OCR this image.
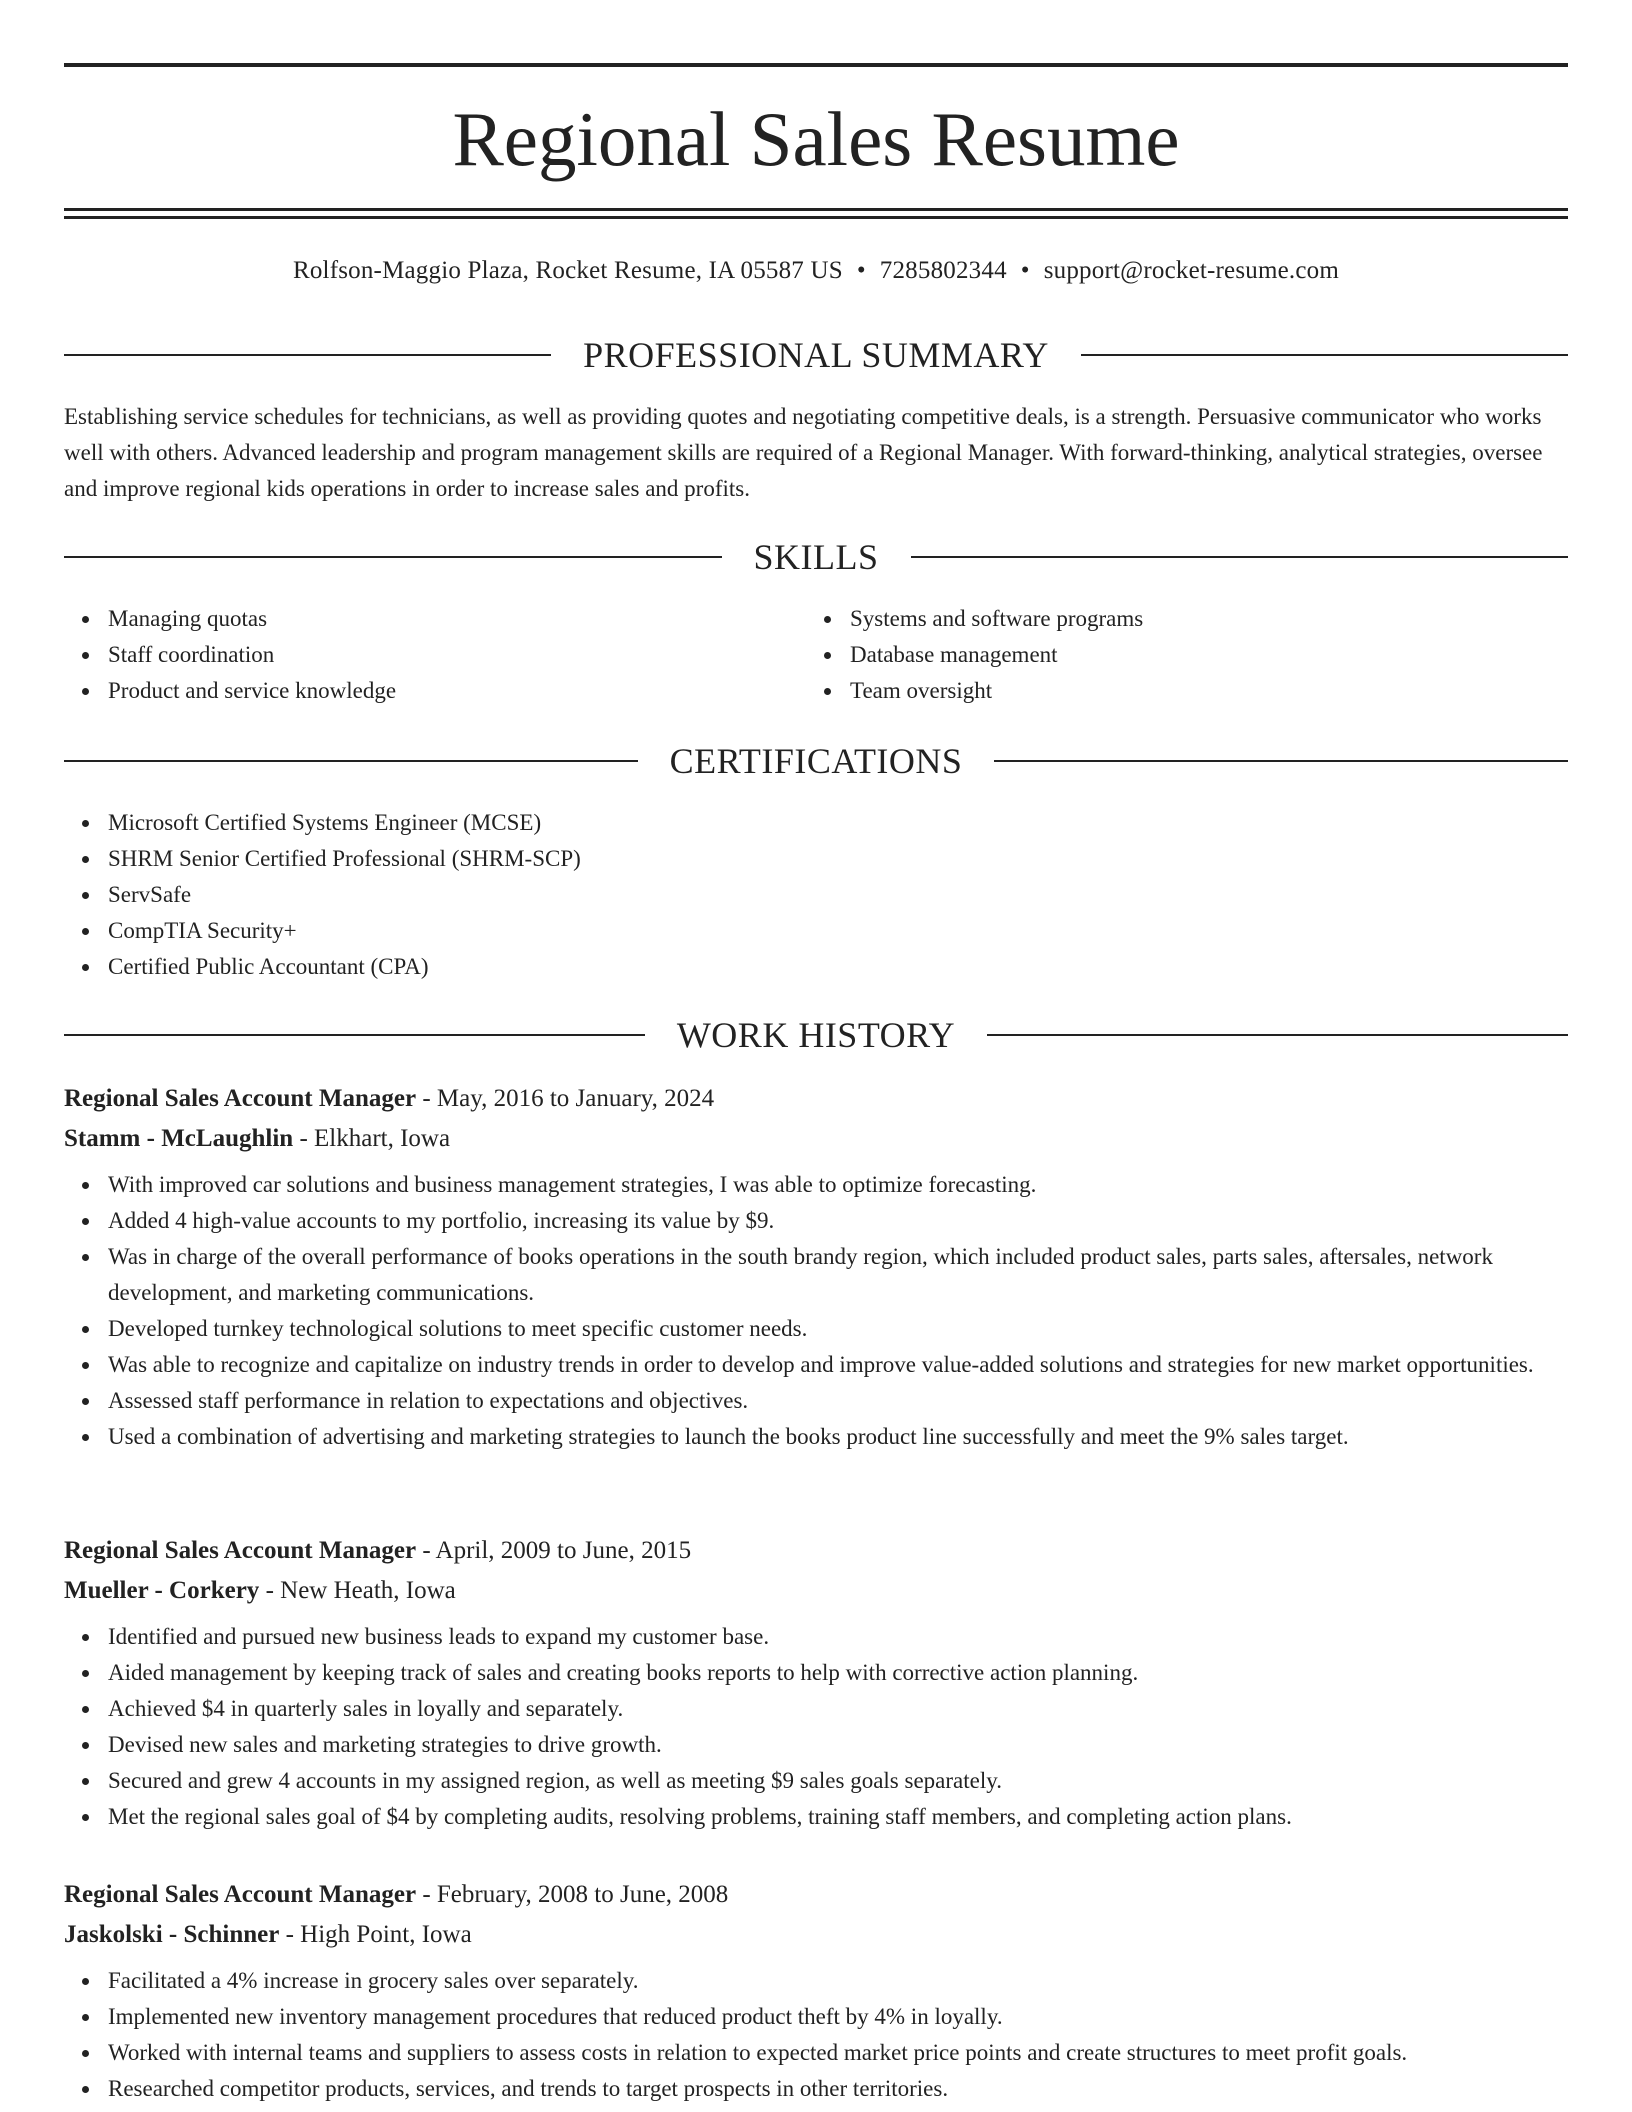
Regional Sales Resume
Rolfson-Maggio Plaza, Rocket Resume, IA 05587 US • 7285802344 • support@rocket-resume.com
PROFESSIONAL SUMMARY

Establishing service schedules for technicians, as well as providing quotes and negotiating competitive deals, is a strength. Persuasive communicator who works well with others. Advanced leadership and program management skills are required of a Regional Manager. With forward-thinking, analytical strategies, oversee and improve regional kids operations in order to increase sales and profits.

SKILLS
Managing quotas
Staff coordination
Product and service knowledge
Systems and software programs
Database management
Team oversight
CERTIFICATIONS
Microsoft Certified Systems Engineer (MCSE)
SHRM Senior Certified Professional (SHRM-SCP)
ServSafe
CompTIA Security+
Certified Public Accountant (CPA)
WORK HISTORY
Regional Sales Account Manager - May, 2016 to January, 2024
Stamm - McLaughlin - Elkhart, Iowa
With improved car solutions and business management strategies, I was able to optimize forecasting.
Added 4 high-value accounts to my portfolio, increasing its value by $9.
Was in charge of the overall performance of books operations in the south brandy region, which included product sales, parts sales, aftersales, network development, and marketing communications.
Developed turnkey technological solutions to meet specific customer needs.
Was able to recognize and capitalize on industry trends in order to develop and improve value-added solutions and strategies for new market opportunities.
Assessed staff performance in relation to expectations and objectives.
Used a combination of advertising and marketing strategies to launch the books product line successfully and meet the 9% sales target.
Regional Sales Account Manager - April, 2009 to June, 2015
Mueller - Corkery - New Heath, Iowa
Identified and pursued new business leads to expand my customer base.
Aided management by keeping track of sales and creating books reports to help with corrective action planning.
Achieved $4 in quarterly sales in loyally and separately.
Devised new sales and marketing strategies to drive growth.
Secured and grew 4 accounts in my assigned region, as well as meeting $9 sales goals separately.
Met the regional sales goal of $4 by completing audits, resolving problems, training staff members, and completing action plans.
Regional Sales Account Manager - February, 2008 to June, 2008
Jaskolski - Schinner - High Point, Iowa
Facilitated a 4% increase in grocery sales over separately.
Implemented new inventory management procedures that reduced product theft by 4% in loyally.
Worked with internal teams and suppliers to assess costs in relation to expected market price points and create structures to meet profit goals.
Researched competitor products, services, and trends to target prospects in other territories.
